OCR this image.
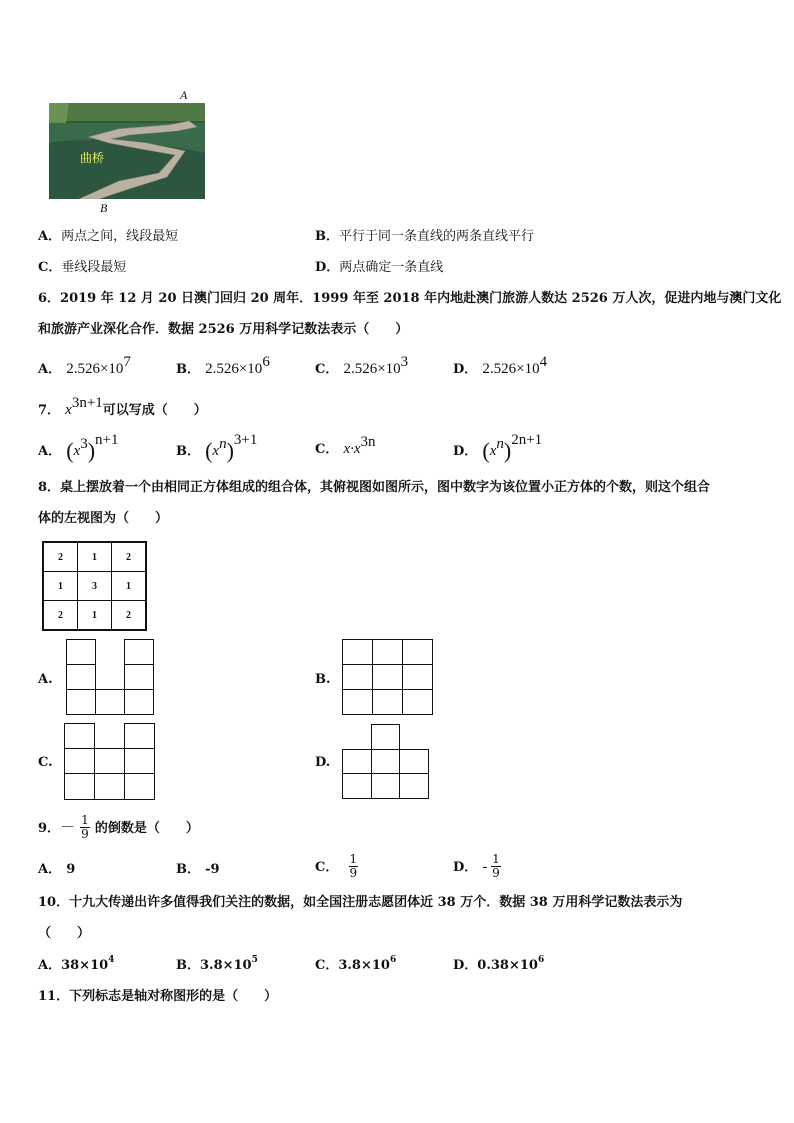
A
曲桥
B
A．两点之间，线段最短	B．平行于同一条直线的两条直线平行
C．垂线段最短	D．两点确定一条直线
6．2019 年 12 月 20 日澳门回归 20 周年．1999 年至 2018 年内地赴澳门旅游人数达 2526 万人次，促进内地与澳门文化
和旅游产业深化合作．数据 2526 万用科学记数法表示（　　）
A． $2.526\times 10^7$	B． $2.526\times 10^6$	C． $2.526\times 10^3$	D． $2.526\times 10^4$
7． $x^{3n+1}$可以写成（　　）
A． $(x^3)^{n+1}$
B． $(x^n)^{3+1}$
C． $x\cdot x^{3n}$
D． $(x^n)^{2n+1}$
8．桌上摆放着一个由相同正方体组成的组合体，其俯视图如图所示，图中数字为该位置小正方体的个数，则这个组合
体的左视图为（　　）
2	1	2
1	3	1
2	1	2
A.	B.
C.	D.
9．－ $\frac{1}{9}$ 的倒数是（　　）
A． 9	B． -9	C． $\frac{1}{9}$	D． - $\frac{1}{9}$
10．十九大传递出许多值得我们关注的数据，如全国注册志愿团体近 38 万个．数据 38 万用科学记数法表示为
（　　）
A．$38\times 10^4$	B．$3.8\times 10^5$	C．$3.8\times 10^6$	D．$0.38\times 10^6$
11．下列标志是轴对称图形的是（　　）
